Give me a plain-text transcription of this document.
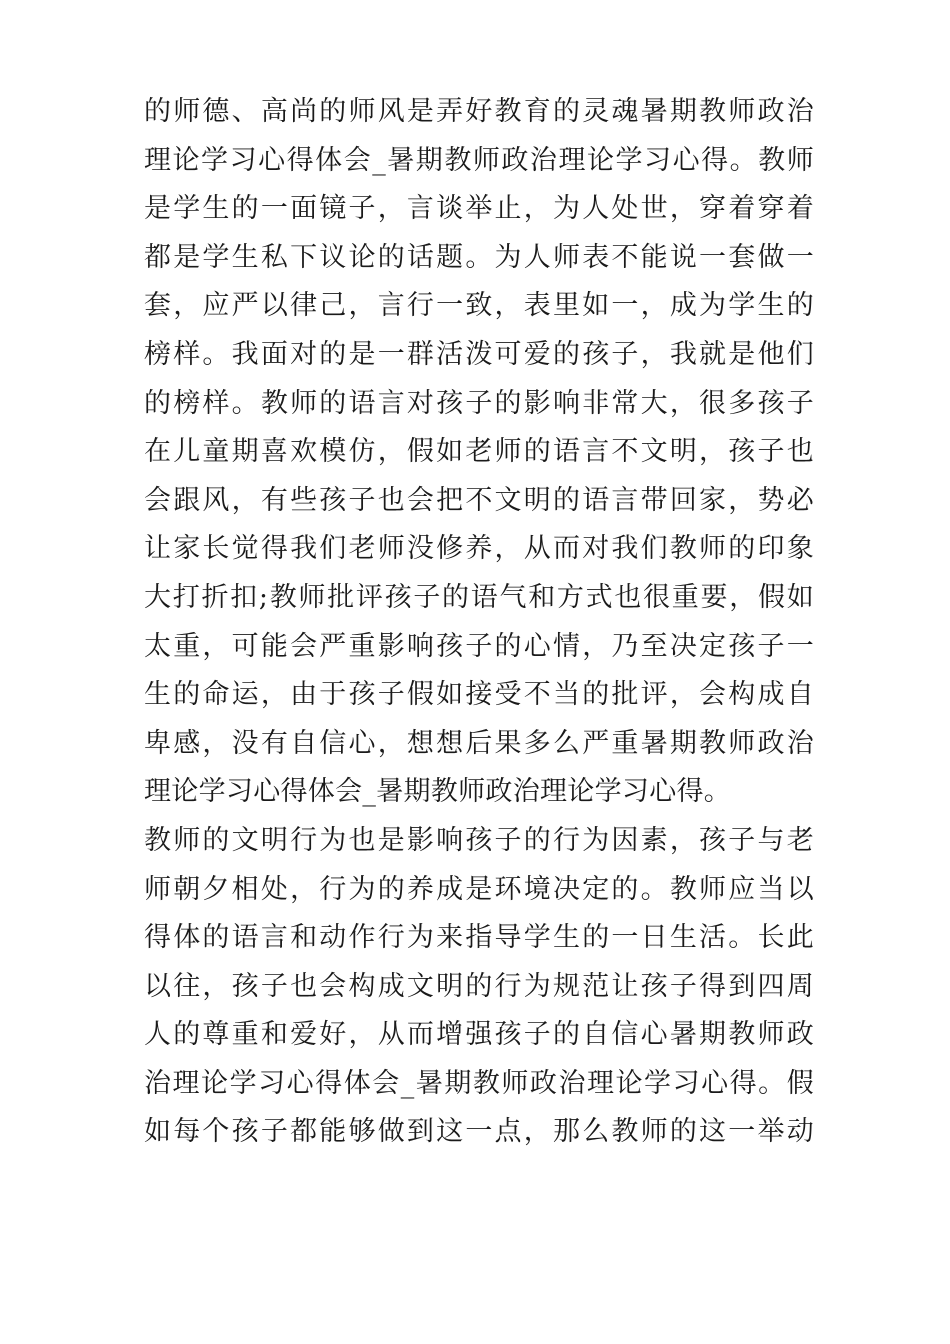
的师德、高尚的师风是弄好教育的灵魂暑期教师政治
理论学习心得体会_暑期教师政治理论学习心得。教师
是学生的一面镜子，言谈举止，为人处世，穿着穿着
都是学生私下议论的话题。为人师表不能说一套做一
套，应严以律己，言行一致，表里如一，成为学生的
榜样。我面对的是一群活泼可爱的孩子，我就是他们
的榜样。教师的语言对孩子的影响非常大，很多孩子
在儿童期喜欢模仿，假如老师的语言不文明，孩子也
会跟风，有些孩子也会把不文明的语言带回家，势必
让家长觉得我们老师没修养，从而对我们教师的印象
大打折扣;教师批评孩子的语气和方式也很重要，假如
太重，可能会严重影响孩子的心情，乃至决定孩子一
生的命运，由于孩子假如接受不当的批评，会构成自
卑感，没有自信心，想想后果多么严重暑期教师政治
理论学习心得体会_暑期教师政治理论学习心得。
教师的文明行为也是影响孩子的行为因素，孩子与老
师朝夕相处，行为的养成是环境决定的。教师应当以
得体的语言和动作行为来指导学生的一日生活。长此
以往，孩子也会构成文明的行为规范让孩子得到四周
人的尊重和爱好，从而增强孩子的自信心暑期教师政
治理论学习心得体会_暑期教师政治理论学习心得。假
如每个孩子都能够做到这一点，那么教师的这一举动
